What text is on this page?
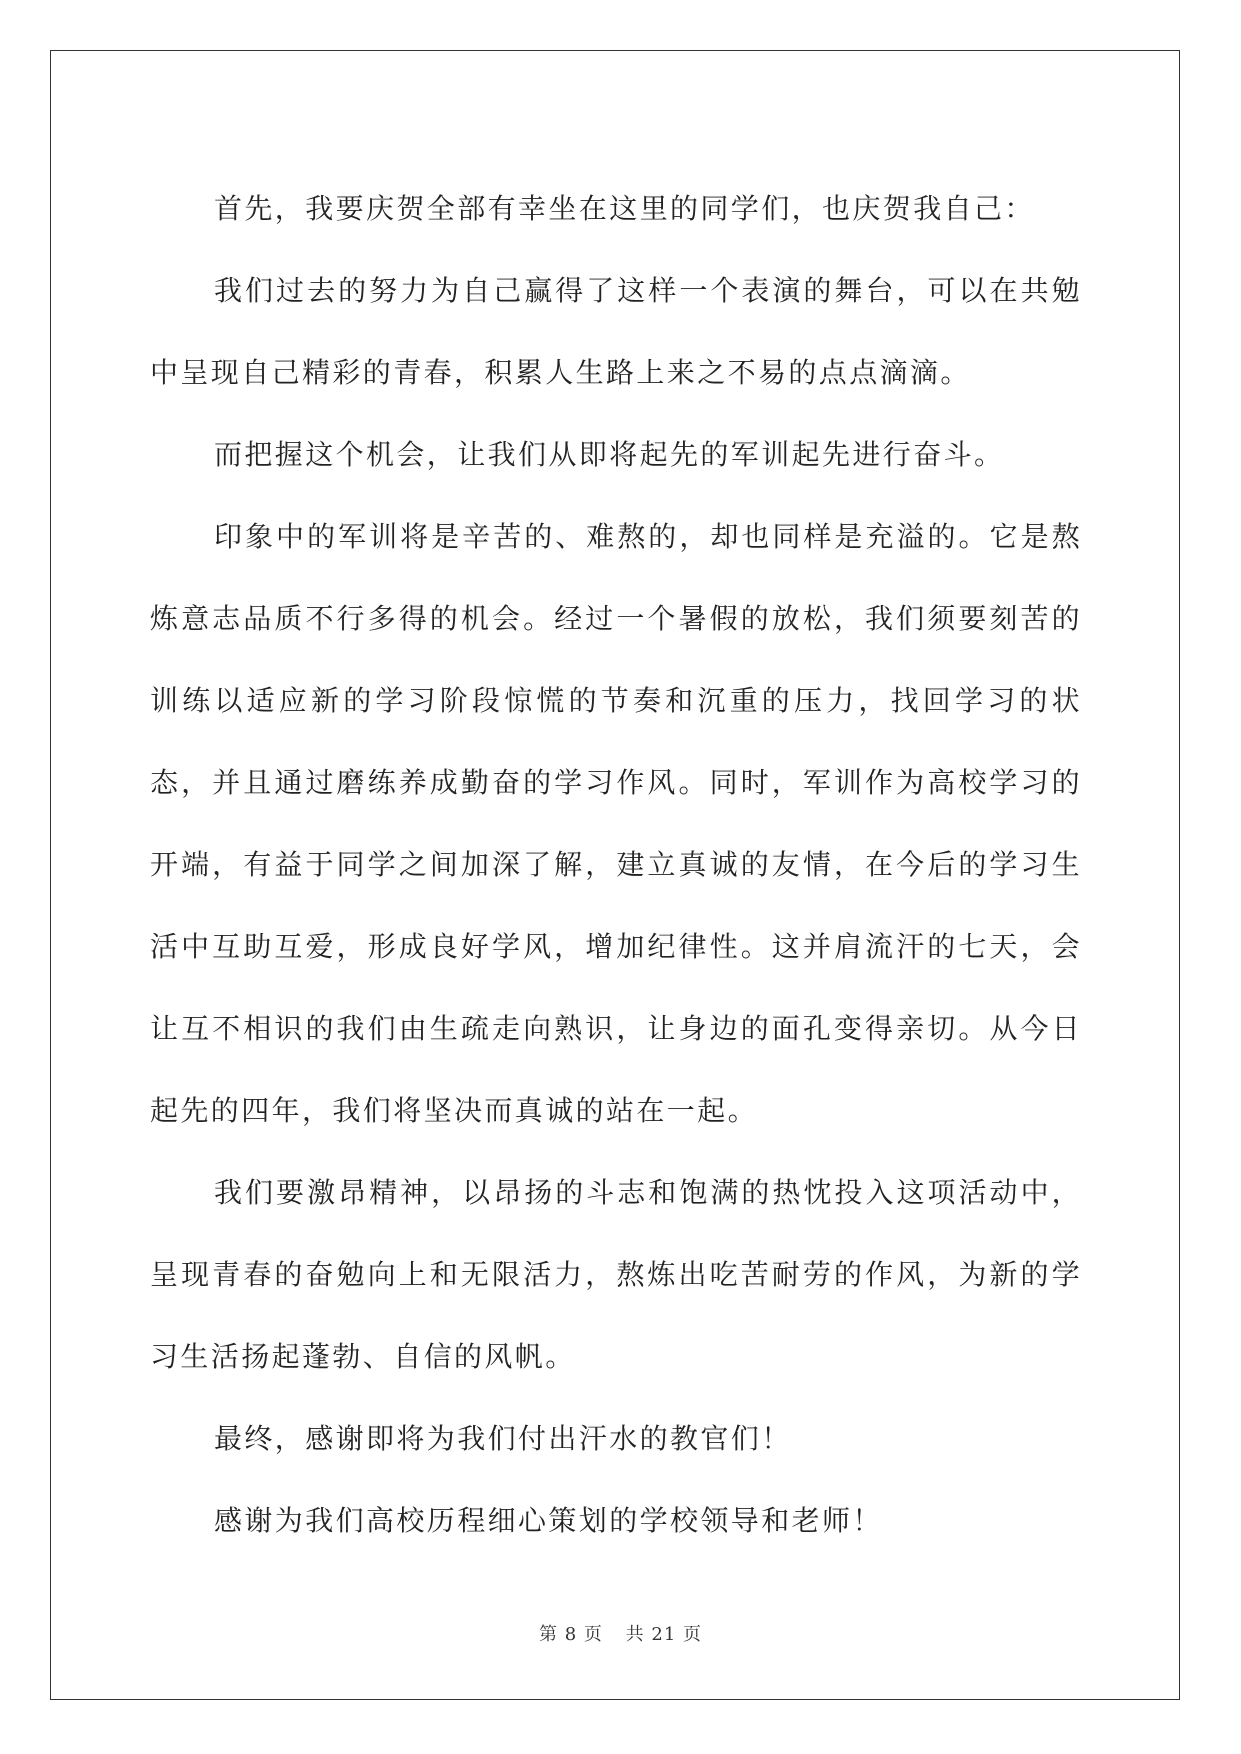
首先，我要庆贺全部有幸坐在这里的同学们，也庆贺我自己：

我们过去的努力为自己赢得了这样一个表演的舞台，可以在共勉中呈现自己精彩的青春，积累人生路上来之不易的点点滴滴。

而把握这个机会，让我们从即将起先的军训起先进行奋斗。

印象中的军训将是辛苦的、难熬的，却也同样是充溢的。它是熬炼意志品质不行多得的机会。经过一个暑假的放松，我们须要刻苦的训练以适应新的学习阶段惊慌的节奏和沉重的压力，找回学习的状态，并且通过磨练养成勤奋的学习作风。同时，军训作为高校学习的开端，有益于同学之间加深了解，建立真诚的友情，在今后的学习生活中互助互爱，形成良好学风，增加纪律性。这并肩流汗的七天，会让互不相识的我们由生疏走向熟识，让身边的面孔变得亲切。从今日起先的四年，我们将坚决而真诚的站在一起。

我们要激昂精神，以昂扬的斗志和饱满的热忱投入这项活动中，呈现青春的奋勉向上和无限活力，熬炼出吃苦耐劳的作风，为新的学习生活扬起蓬勃、自信的风帆。

最终，感谢即将为我们付出汗水的教官们！

感谢为我们高校历程细心策划的学校领导和老师！

第 8 页 共 21 页
